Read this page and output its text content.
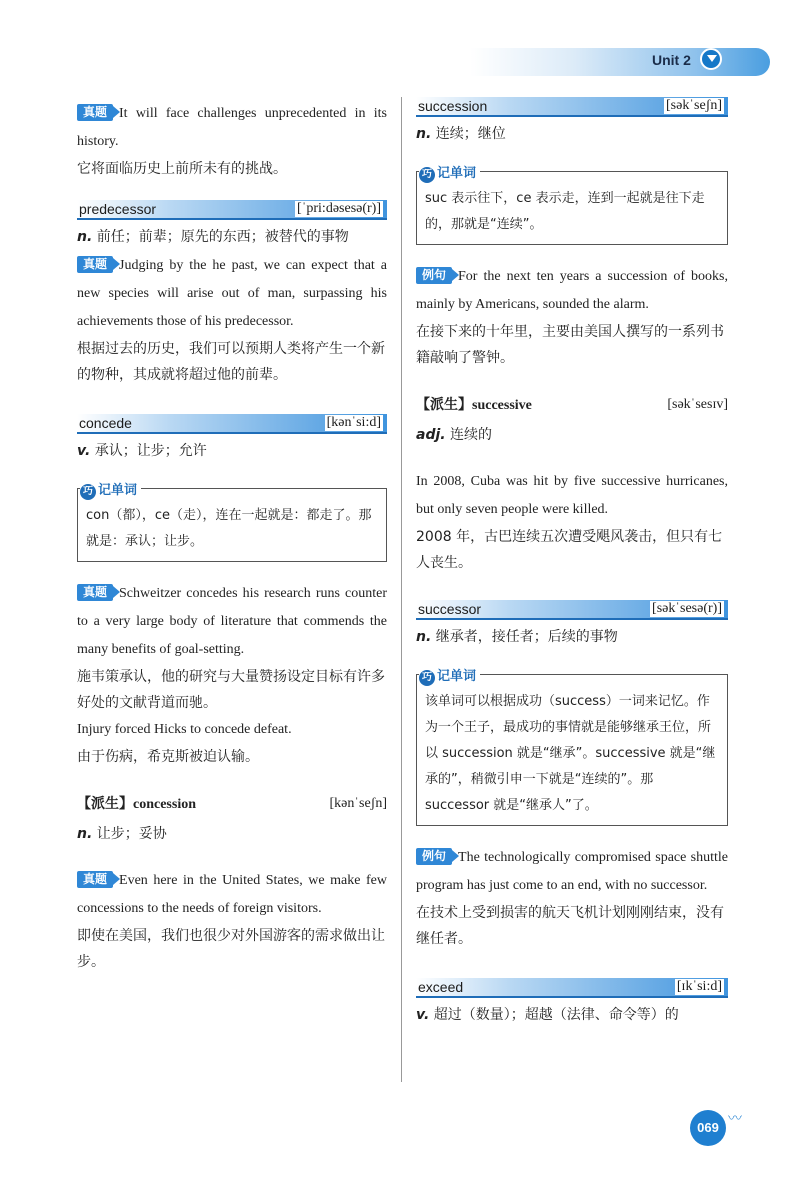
Unit 2

真题 It will face challenges unprecedented in its history.

它将面临历史上前所未有的挑战。

predecessor	[ˈpri:dəsesə(r)]

n. 前任；前辈；原先的东西；被替代的事物

真题 Judging by the he past, we can expect that a new species will arise out of man, surpassing his achievements those of his predecessor.

根据过去的历史，我们可以预期人类将产生一个新的物种，其成就将超过他的前辈。

concede	[kənˈsi:d]

v. 承认；让步；允许

巧 记单词
con（都），ce（走），连在一起就是：都走了。那就是：承认；让步。

真题 Schweitzer concedes his research runs counter to a very large body of literature that commends the many benefits of goal-setting.

施韦策承认，他的研究与大量赞扬设定目标有许多好处的文献背道而驰。

Injury forced Hicks to concede defeat.

由于伤病，希克斯被迫认输。

【派生】concession	[kənˈseʃn]

n. 让步；妥协

真题 Even here in the United States, we make few concessions to the needs of foreign visitors.

即使在美国，我们也很少对外国游客的需求做出让步。

succession	[səkˈseʃn]

n. 连续；继位

巧 记单词
suc 表示往下，ce 表示走，连到一起就是往下走的，那就是“连续”。

例句 For the next ten years a succession of books, mainly by Americans, sounded the alarm.

在接下来的十年里，主要由美国人撰写的一系列书籍敲响了警钟。

【派生】successive	[səkˈsesɪv]

adj. 连续的

In 2008, Cuba was hit by five successive hurricanes, but only seven people were killed.

2008 年，古巴连续五次遭受飓风袭击，但只有七人丧生。

successor	[səkˈsesə(r)]

n. 继承者，接任者；后续的事物

巧 记单词
该单词可以根据成功（success）一词来记忆。作为一个王子，最成功的事情就是能够继承王位，所以 succession 就是“继承”。successive 就是“继承的”，稍微引申一下就是“连续的”。那 successor 就是“继承人”了。

例句 The technologically compromised space shuttle program has just come to an end, with no successor.

在技术上受到损害的航天飞机计划刚刚结束，没有继任者。

exceed	[ɪkˈsi:d]

v. 超过（数量）；超越（法律、命令等）的

069
〰
